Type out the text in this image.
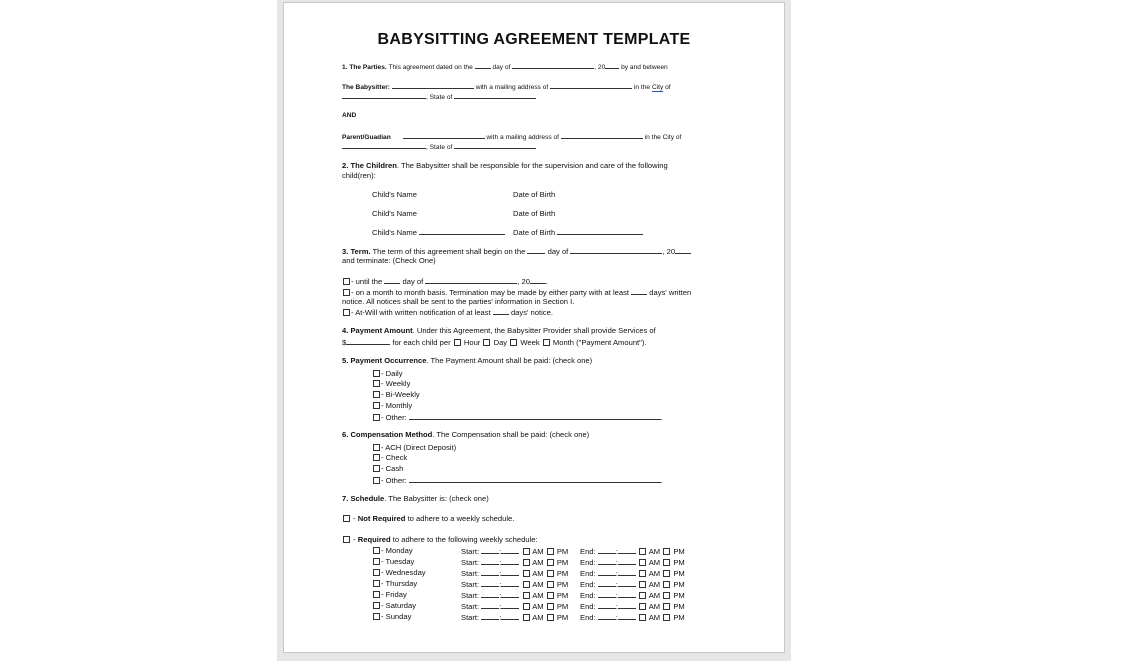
BABYSITTING AGREEMENT TEMPLATE
1. The Parties. This agreement dated on the	day of	, 20 by and between
The Babysitter:	with a mailing address of	in the City of
, State of
AND
Parent/Guadian	with a mailing address of	in the City of
, State of
2. The Children. The Babysitter shall be responsible for the supervision and care of the following
child(ren):
Child's Name	Date of Birth
Child's Name	Date of Birth
Child's Name	Date of Birth
3. Term. The term of this agreement shall begin on the	day of	, 20
and terminate: (Check One)
- until the	day of	, 20 .
- on a month to month basis. Termination may be made by either party with at least	days' written
notice. All notices shall be sent to the parties' information in Section I.
- At-Will with written notification of at least	days' notice.
4. Payment Amount. Under this Agreement, the Babysitter Provider shall provide Services of
$	for each child per Hour Day Week Month ("Payment Amount").
5. Payment Occurrence. The Payment Amount shall be paid: (check one)
- Daily
- Weekly
- Bi-Weekly
- Monthly
- Other:	.
6. Compensation Method. The Compensation shall be paid: (check one)
- ACH (Direct Deposit)
- Check
- Cash
- Other:	.
7. Schedule. The Babysitter is: (check one)
- Not Required to adhere to a weekly schedule.
- Required to adhere to the following weekly schedule:
- Monday	Start: :	AM  PM End: :	AM  PM
- Tuesday	Start: :	AM  PM End: :	AM  PM
- Wednesday	Start: :	AM  PM End: :	AM  PM
- Thursday	Start: :	AM  PM End: :	AM  PM
- Friday	Start: :	AM  PM End: :	AM  PM
- Saturday	Start: :	AM  PM End: :	AM  PM
- Sunday	Start: :	AM  PM End: :	AM  PM
